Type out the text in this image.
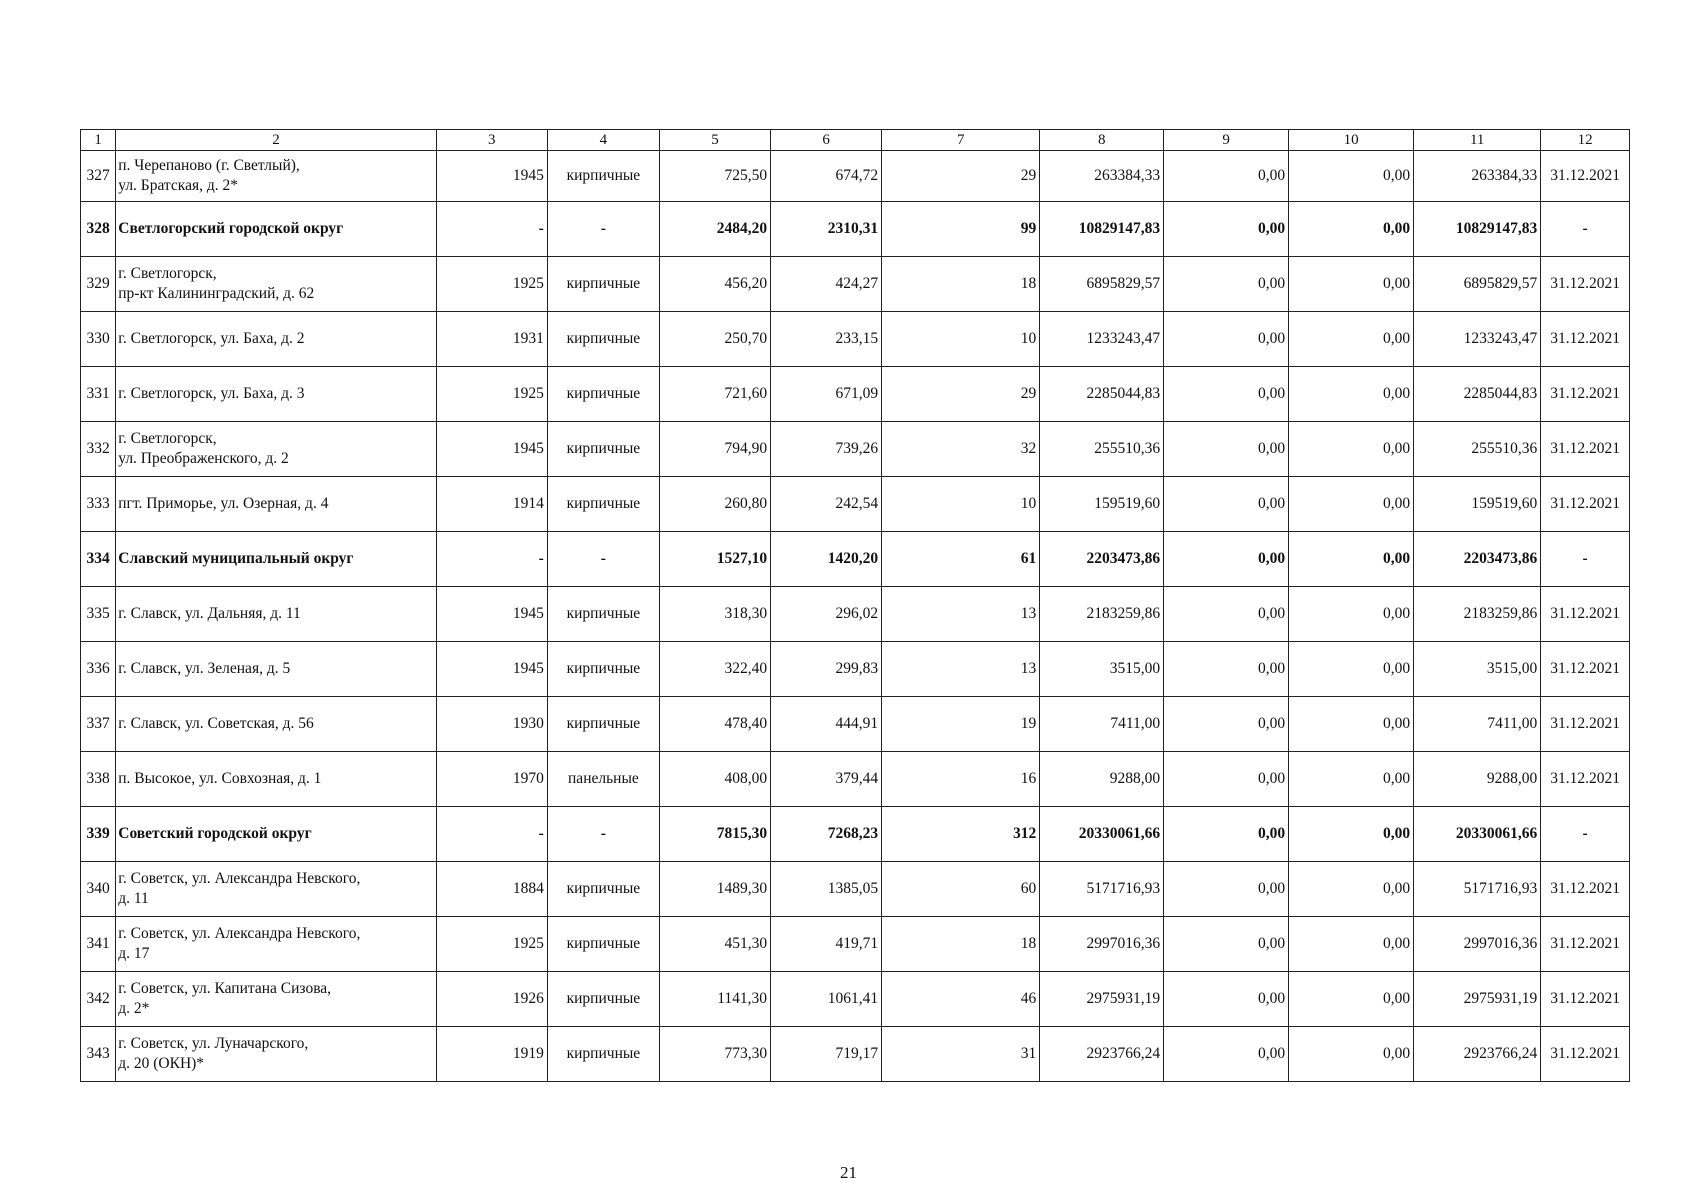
1	2	3	4	5	6	7	8	9	10	11	12
327	п. Черепаново (г. Светлый),
ул. Братская, д. 2*	1945	кирпичные	725,50	674,72	29	263384,33	0,00	0,00	263384,33	31.12.2021
328	Светлогорский городской округ	-	-	2484,20	2310,31	99	10829147,83	0,00	0,00	10829147,83	-
329	г. Светлогорск,
пр-кт Калининградский, д. 62	1925	кирпичные	456,20	424,27	18	6895829,57	0,00	0,00	6895829,57	31.12.2021
330	г. Светлогорск, ул. Баха, д. 2	1931	кирпичные	250,70	233,15	10	1233243,47	0,00	0,00	1233243,47	31.12.2021
331	г. Светлогорск, ул. Баха, д. 3	1925	кирпичные	721,60	671,09	29	2285044,83	0,00	0,00	2285044,83	31.12.2021
332	г. Светлогорск,
ул. Преображенского, д. 2	1945	кирпичные	794,90	739,26	32	255510,36	0,00	0,00	255510,36	31.12.2021
333	пгт. Приморье, ул. Озерная, д. 4	1914	кирпичные	260,80	242,54	10	159519,60	0,00	0,00	159519,60	31.12.2021
334	Славский муниципальный округ	-	-	1527,10	1420,20	61	2203473,86	0,00	0,00	2203473,86	-
335	г. Славск, ул. Дальняя, д. 11	1945	кирпичные	318,30	296,02	13	2183259,86	0,00	0,00	2183259,86	31.12.2021
336	г. Славск, ул. Зеленая, д. 5	1945	кирпичные	322,40	299,83	13	3515,00	0,00	0,00	3515,00	31.12.2021
337	г. Славск, ул. Советская, д. 56	1930	кирпичные	478,40	444,91	19	7411,00	0,00	0,00	7411,00	31.12.2021
338	п. Высокое, ул. Совхозная, д. 1	1970	панельные	408,00	379,44	16	9288,00	0,00	0,00	9288,00	31.12.2021
339	Советский городской округ	-	-	7815,30	7268,23	312	20330061,66	0,00	0,00	20330061,66	-
340	г. Советск, ул. Александра Невского,
д. 11	1884	кирпичные	1489,30	1385,05	60	5171716,93	0,00	0,00	5171716,93	31.12.2021
341	г. Советск, ул. Александра Невского,
д. 17	1925	кирпичные	451,30	419,71	18	2997016,36	0,00	0,00	2997016,36	31.12.2021
342	г. Советск, ул. Капитана Сизова,
д. 2*	1926	кирпичные	1141,30	1061,41	46	2975931,19	0,00	0,00	2975931,19	31.12.2021
343	г. Советск, ул. Луначарского,
д. 20 (ОКН)*	1919	кирпичные	773,30	719,17	31	2923766,24	0,00	0,00	2923766,24	31.12.2021
21
